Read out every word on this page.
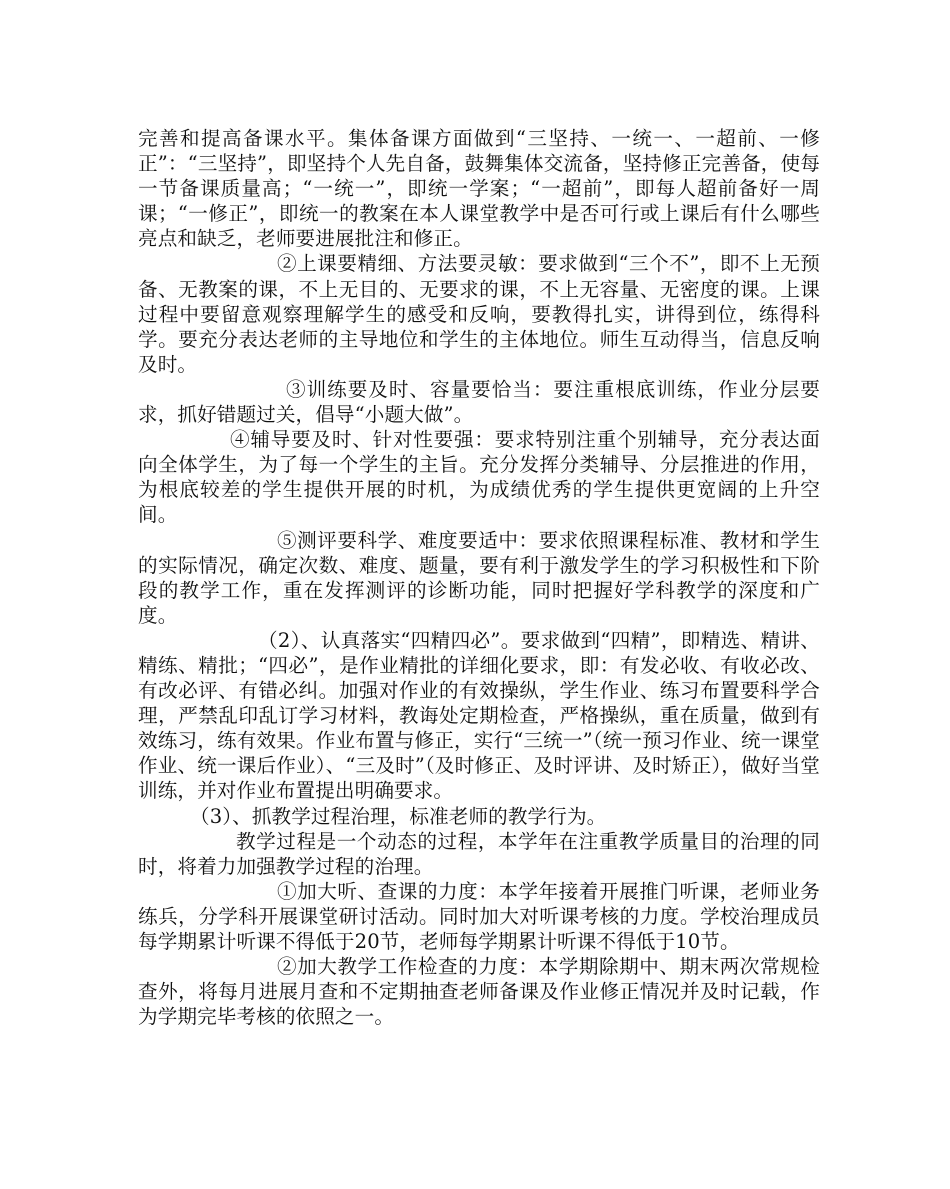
完善和提高备课水平。集体备课方面做到“三坚持、一统一、一超前、一修正”：“三坚持”，即坚持个人先自备，鼓舞集体交流备，坚持修正完善备，使每一节备课质量高；“一统一”，即统一学案；“一超前”，即每人超前备好一周课；“一修正”，即统一的教案在本人课堂教学中是否可行或上课后有什么哪些亮点和缺乏，老师要进展批注和修正。

②上课要精细、方法要灵敏：要求做到“三个不”，即不上无预备、无教案的课，不上无目的、无要求的课，不上无容量、无密度的课。上课过程中要留意观察理解学生的感受和反响，要教得扎实，讲得到位，练得科学。要充分表达老师的主导地位和学生的主体地位。师生互动得当，信息反响及时。

③训练要及时、容量要恰当：要注重根底训练，作业分层要求，抓好错题过关，倡导“小题大做”。

④辅导要及时、针对性要强：要求特别注重个别辅导，充分表达面向全体学生，为了每一个学生的主旨。充分发挥分类辅导、分层推进的作用，为根底较差的学生提供开展的时机，为成绩优秀的学生提供更宽阔的上升空间。

⑤测评要科学、难度要适中：要求依照课程标准、教材和学生的实际情况，确定次数、难度、题量，要有利于激发学生的学习积极性和下阶段的教学工作，重在发挥测评的诊断功能，同时把握好学科教学的深度和广度。

（2）、认真落实“四精四必”。要求做到“四精”，即精选、精讲、精练、精批；“四必”，是作业精批的详细化要求，即：有发必收、有收必改、有改必评、有错必纠。加强对作业的有效操纵，学生作业、练习布置要科学合理，严禁乱印乱订学习材料，教诲处定期检查，严格操纵，重在质量，做到有效练习，练有效果。作业布置与修正，实行“三统一”（统一预习作业、统一课堂作业、统一课后作业）、“三及时”（及时修正、及时评讲、及时矫正），做好当堂训练，并对作业布置提出明确要求。

（3）、抓教学过程治理，标准老师的教学行为。

教学过程是一个动态的过程，本学年在注重教学质量目的治理的同时，将着力加强教学过程的治理。

①加大听、查课的力度：本学年接着开展推门听课，老师业务练兵，分学科开展课堂研讨活动。同时加大对听课考核的力度。学校治理成员每学期累计听课不得低于20节，老师每学期累计听课不得低于10节。

②加大教学工作检查的力度：本学期除期中、期末两次常规检查外，将每月进展月查和不定期抽查老师备课及作业修正情况并及时记载，作为学期完毕考核的依照之一。
